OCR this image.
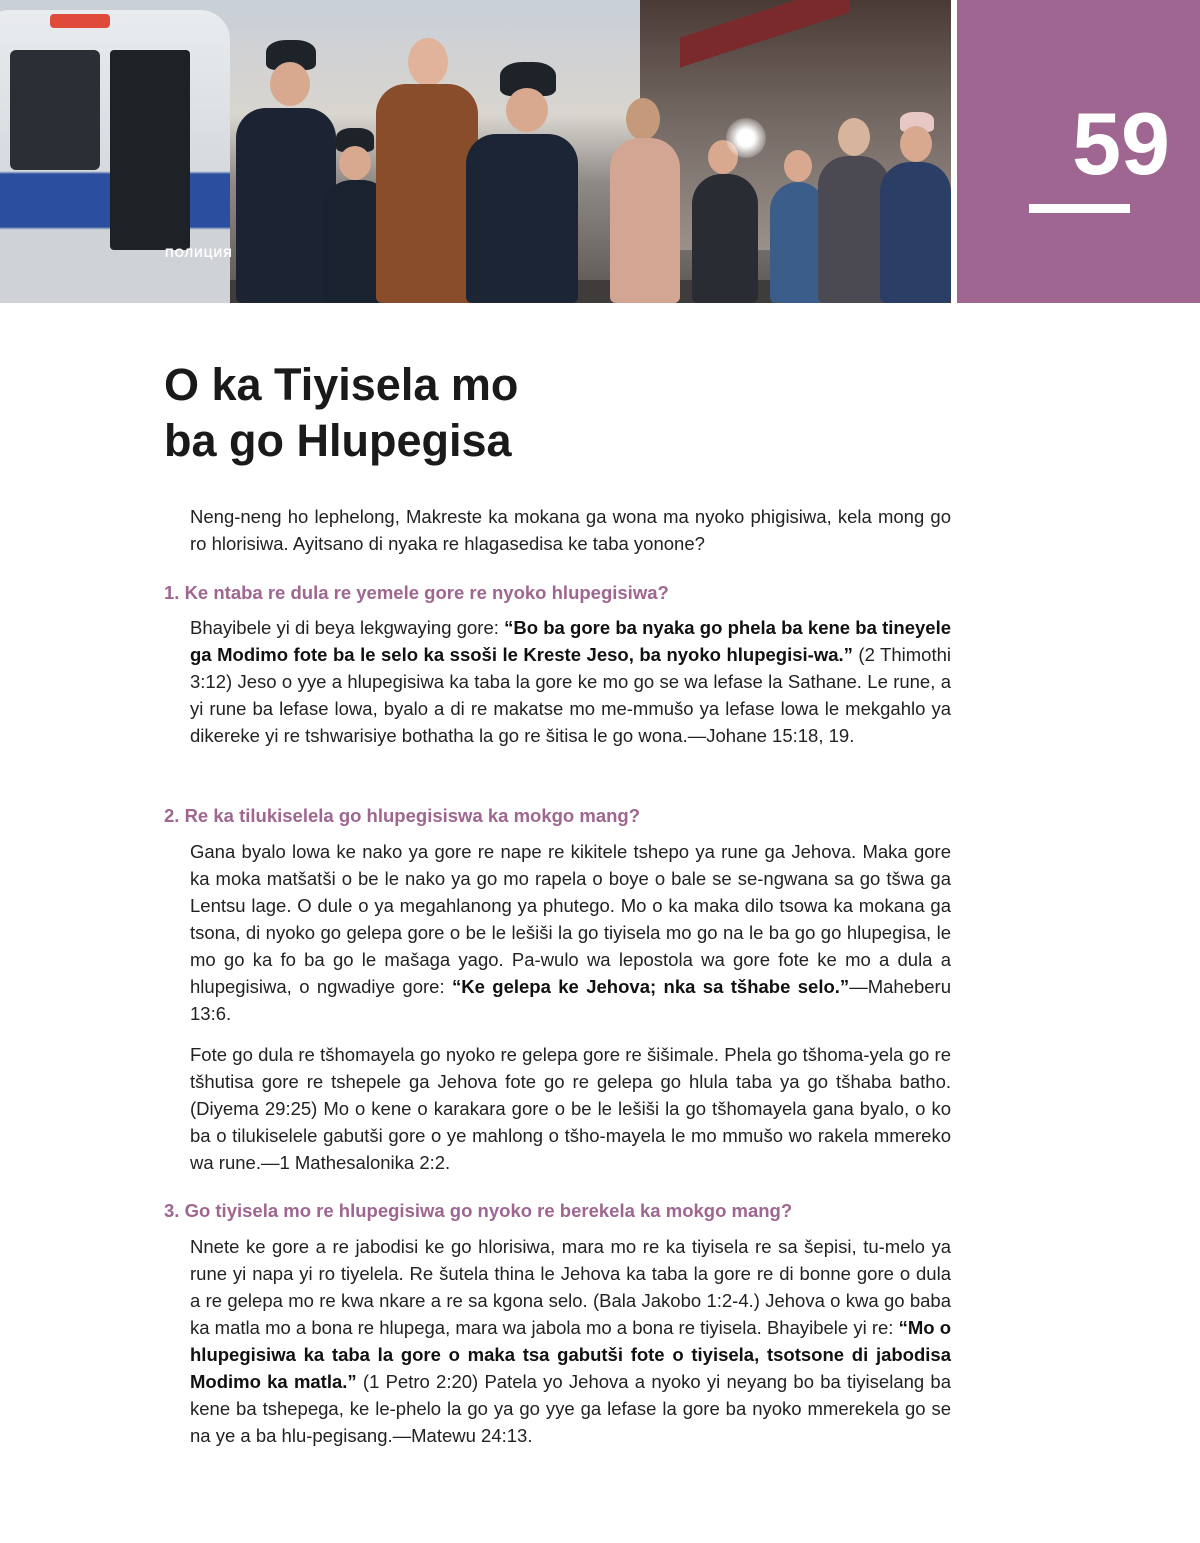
ПОЛИЦИЯ
59
O ka Tiyisela mo
ba go Hlupegisa

Neng-neng ho lephelong, Makreste ka mokana ga wona ma nyoko phigisiwa, kela mong go ro hlorisiwa. Ayitsano di nyaka re hlagasedisa ke taba yonone?

1. Ke ntaba re dula re yemele gore re nyoko hlupegisiwa?

Bhayibele yi di beya lekgwaying gore: “Bo ba gore ba nyaka go phela ba kene ba tineyele ga Modimo fote ba le selo ka ssoši le Kreste Jeso, ba nyoko hlupegisi-wa.” (2 Thimothi 3:12) Jeso o yye a hlupegisiwa ka taba la gore ke mo go se wa lefase la Sathane. Le rune, a yi rune ba lefase lowa, byalo a di re makatse mo me-mmušo ya lefase lowa le mekgahlo ya dikereke yi re tshwarisiye bothatha la go re šitisa le go wona.—Johane 15:18, 19.

2. Re ka tilukiselela go hlupegisiswa ka mokgo mang?

Gana byalo lowa ke nako ya gore re nape re kikitele tshepo ya rune ga Jehova. Maka gore ka moka matšatši o be le nako ya go mo rapela o boye o bale se se-ngwana sa go tšwa ga Lentsu lage. O dule o ya megahlanong ya phutego. Mo o ka maka dilo tsowa ka mokana ga tsona, di nyoko go gelepa gore o be le lešiši la go tiyisela mo go na le ba go go hlupegisa, le mo go ka fo ba go le mašaga yago. Pa-wulo wa lepostola wa gore fote ke mo a dula a hlupegisiwa, o ngwadiye gore: “Ke gelepa ke Jehova; nka sa tšhabe selo.”—Maheberu 13:6.

Fote go dula re tšhomayela go nyoko re gelepa gore re šišimale. Phela go tšhoma-yela go re tšhutisa gore re tshepele ga Jehova fote go re gelepa go hlula taba ya go tšhaba batho. (Diyema 29:25) Mo o kene o karakara gore o be le lešiši la go tšhomayela gana byalo, o ko ba o tilukiselele gabutši gore o ye mahlong o tšho-mayela le mo mmušo wo rakela mmereko wa rune.—1 Mathesalonika 2:2.

3. Go tiyisela mo re hlupegisiwa go nyoko re berekela ka mokgo mang?

Nnete ke gore a re jabodisi ke go hlorisiwa, mara mo re ka tiyisela re sa šepisi, tu-melo ya rune yi napa yi ro tiyelela. Re šutela thina le Jehova ka taba la gore re di bonne gore o dula a re gelepa mo re kwa nkare a re sa kgona selo. (Bala Jakobo 1:2-4.) Jehova o kwa go baba ka matla mo a bona re hlupega, mara wa jabola mo a bona re tiyisela. Bhayibele yi re: “Mo o hlupegisiwa ka taba la gore o maka tsa gabutši fote o tiyisela, tsotsone di jabodisa Modimo ka matla.” (1 Petro 2:20) Patela yo Jehova a nyoko yi neyang bo ba tiyiselang ba kene ba tshepega, ke le-phelo la go ya go yye ga lefase la gore ba nyoko mmerekela go se na ye a ba hlu-pegisang.—Matewu 24:13.
